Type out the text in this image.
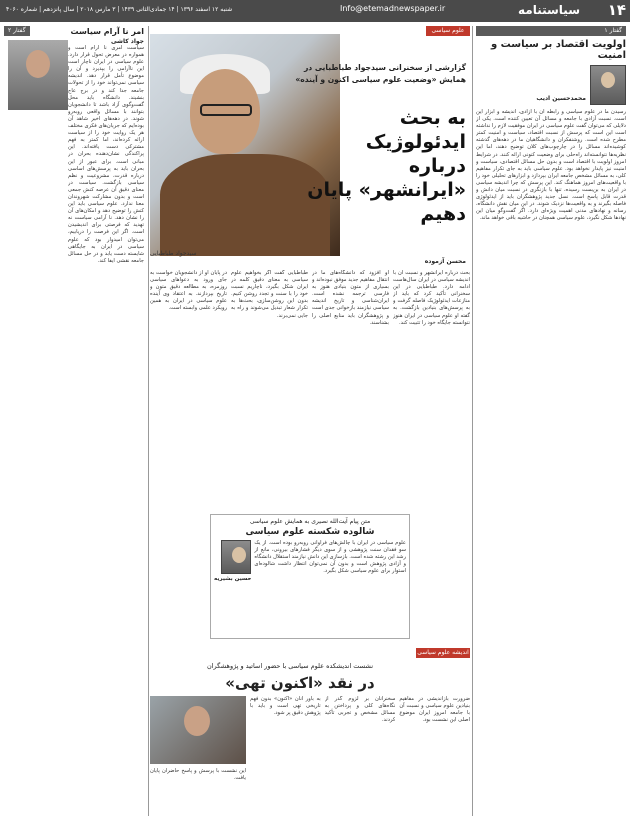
۱۴
سیاستنامه
Info@etemadnewspaper.ir
شنبه ۱۲ اسفند ۱۳۹۶ | ۱۴ جمادی‌الثانی ۱۴۳۹ | ۳ مارس ۲۰۱۸ | سال پانزدهم | شماره ۴۰۶۰
گفتار ۱
اولویت اقتصاد بر سیاست و امنیت
محمدحسین ادیب
رسیدن ما در علوم سیاسی و رابطه آن با آزادی، اندیشه و ابزار این است. نسبت آزادی با جامعه و مسائل آن تعیین کننده است. یکی از دلایلی که می‌توان گفت علوم سیاسی در ایران موفقیت لازم را نداشته است این است که پرسش از نسبت اقتصاد، سیاست و امنیت کمتر مطرح شده است. روشنفکران و دانشگاهیان ما در دهه‌های گذشته کوشیده‌اند مسائل را در چارچوب‌های کلان توضیح دهند، اما این نظریه‌ها نتوانسته‌اند راه‌حلی برای وضعیت کنونی ارائه کنند. در شرایط امروز اولویت با اقتصاد است و بدون حل مسائل اقتصادی، سیاست و امنیت نیز پایدار نخواهد بود. علوم سیاسی باید به جای تکرار مفاهیم کلی، به مسائل مشخص جامعه ایران بپردازد و ابزارهای تحلیلی خود را با واقعیت‌های امروز هماهنگ کند. این پرسش که چرا اندیشه سیاسی در ایران به بن‌بست رسیده، تنها با بازنگری در نسبت میان دانش و قدرت قابل پاسخ است. نسل جدید پژوهشگران باید از ایدئولوژی فاصله بگیرند و به واقعیت‌ها نزدیک شوند. در این میان نقش دانشگاه، رسانه و نهادهای مدنی اهمیت ویژه‌ای دارد. اگر گفت‌وگو میان این نهادها شکل نگیرد، علوم سیاسی همچنان در حاشیه باقی خواهد ماند.
علوم سیاسی
گزارشی از سخنرانی سیدجواد طباطبایی در همایش «وضعیت علوم سیاسی اکنون و آینده»
به بحث ایدئولوژیک درباره «ایرانشهر» پایان دهیم
سیدجواد طباطبایی
محسن آزموده
بحث درباره ایرانشهر و نسبت آن با اندیشه سیاسی در ایران سال‌هاست ادامه دارد. طباطبایی در این سخنرانی تأکید کرد که باید از منازعات ایدئولوژیک فاصله گرفت و به پرسش‌های بنیادین بازگشت. به گفته او علوم سیاسی در ایران هنوز نتوانسته جایگاه خود را تثبیت کند.
او افزود که دانشگاه‌های ما در انتقال مفاهیم جدید موفق نبوده‌اند و بسیاری از متون بنیادی هنوز به فارسی ترجمه نشده است. ایران‌شناسی و تاریخ اندیشه سیاسی نیازمند بازخوانی جدی است و پژوهشگران باید منابع اصلی را بشناسند.
طباطبایی گفت اگر بخواهیم علوم سیاسی به معنای دقیق کلمه در ایران شکل بگیرد، ناچاریم نسبت خود را با سنت و تجدد روشن کنیم. بدون این روشن‌سازی، بحث‌ها به تکرار شعار تبدیل می‌شوند و راه به جایی نمی‌برند.
در پایان او از دانشجویان خواست به جای ورود به دعواهای سیاسی روزمره، به مطالعه دقیق متون و تاریخ بپردازند. به اعتقاد وی آینده علوم سیاسی در ایران به همین رویکرد علمی وابسته است.
متن پیام آیت‌الله نصیری به همایش علوم سیاسی
شالوده شکسته علوم سیاسی
علوم سیاسی در ایران با چالش‌های فراوانی روبه‌رو بوده است. از یک سو فقدان سنت پژوهشی و از سوی دیگر فشارهای بیرونی، مانع از رشد این رشته شده است. بازسازی این دانش نیازمند استقلال دانشگاه و آزادی پژوهش است و بدون آن نمی‌توان انتظار داشت شالوده‌ای استوار برای علوم سیاسی شکل بگیرد.
حسین بشیریه
اندیشه علوم سیاسی
نشست اندیشکده علوم سیاسی با حضور اساتید و پژوهشگران
در نقد «اکنون تهی»
ضرورت بازاندیشی در مفاهیم بنیادین علوم سیاسی و نسبت آن با جامعه امروز ایران موضوع اصلی این نشست بود.
سخنرانان بر لزوم گذر از نگاه‌های کلی و پرداختن به مسائل مشخص و تجربی تأکید کردند.
به باور آنان «اکنون» بدون فهم تاریخی تهی است و باید با پژوهش دقیق پر شود.
این نشست با پرسش و پاسخ حاضران پایان یافت.
امر نا آرام سیاست
گفتار ۲
جواد کاشی
سیاست امری نا آرام است و همواره در معرض تحول قرار دارد. علوم سیاسی در ایران ناچار است این ناآرامی را بپذیرد و آن را موضوع تأمل قرار دهد. اندیشه سیاسی نمی‌تواند خود را از تحولات جامعه جدا کند و در برج عاج بنشیند. دانشگاه باید محل گفت‌وگوی آزاد باشد تا دانشجویان بتوانند با مسائل واقعی روبه‌رو شوند. در دهه‌های اخیر شاهد آن بوده‌ایم که جریان‌های فکری مختلف هر یک روایت خود را از سیاست ارائه کرده‌اند، اما کمتر به فهم مشترکی دست یافته‌اند. این پراکندگی نشان‌دهنده بحران در مبانی است. برای عبور از این بحران باید به پرسش‌های اساسی درباره قدرت، مشروعیت و نظم سیاسی بازگشت. سیاست در معنای دقیق آن عرصه کنش جمعی است و بدون مشارکت شهروندان معنا ندارد. علوم سیاسی باید این کنش را توضیح دهد و امکان‌های آن را نشان دهد. نا آرامی سیاست نه تهدید که فرصتی برای اندیشیدن است. اگر این فرصت را دریابیم، می‌توان امیدوار بود که علوم سیاسی در ایران به جایگاهی شایسته دست یابد و در حل مسائل جامعه نقشی ایفا کند.
